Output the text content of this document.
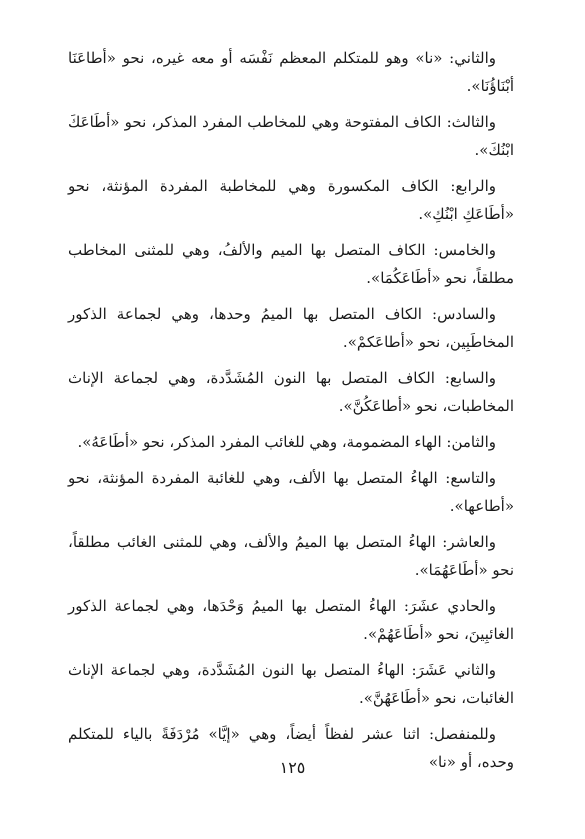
والثاني: «نا» وهو للمتكلم المعظم نَفْسَه أو معه غيره، نحو «أطاعَنَا أبْنَاؤُنَا».

والثالث: الكاف المفتوحة وهي للمخاطب المفرد المذكر، نحو «أطَاعَكَ ابْنُكَ».

والرابع: الكاف المكسورة وهي للمخاطبة المفردة المؤنثة، نحو «أطَاعَكِ ابْنُكِ».

والخامس: الكاف المتصل بها الميم والألفُ، وهي للمثنى المخاطب مطلقاً، نحو «أطَاعَكُمَا».

والسادس: الكاف المتصل بها الميمُ وحدها، وهي لجماعة الذكور المخاطَبِين، نحو «أطاعَكمْ».

والسابع: الكاف المتصل بها النون المُشَدَّدة، وهي لجماعة الإناث المخاطبات، نحو «أطاعَكُنَّ».

والثامن: الهاء المضمومة، وهي للغائب المفرد المذكر، نحو «أطَاعَهُ».

والتاسع: الهاءُ المتصل بها الألف، وهي للغائبة المفردة المؤنثة، نحو «أطاعها».

والعاشر: الهاءُ المتصل بها الميمُ والألف، وهي للمثنى الغائب مطلقاً، نحو «أطَاعَهُمَا».

والحادي عشَرَ: الهاءُ المتصل بها الميمُ وَحْدَها، وهي لجماعة الذكور الغائبِينَ، نحو «أطَاعَهُمْ».

والثاني عَشَرَ: الهاءُ المتصل بها النون المُشَدَّدة، وهي لجماعة الإناث الغائبات، نحو «أطَاعَهُنَّ».

وللمنفصل: اثنا عشر لفظاً أيضاً، وهي «إيَّا» مُرْدَفَةً بالياء للمتكلم وحده، أو «نا»

١٢٥
